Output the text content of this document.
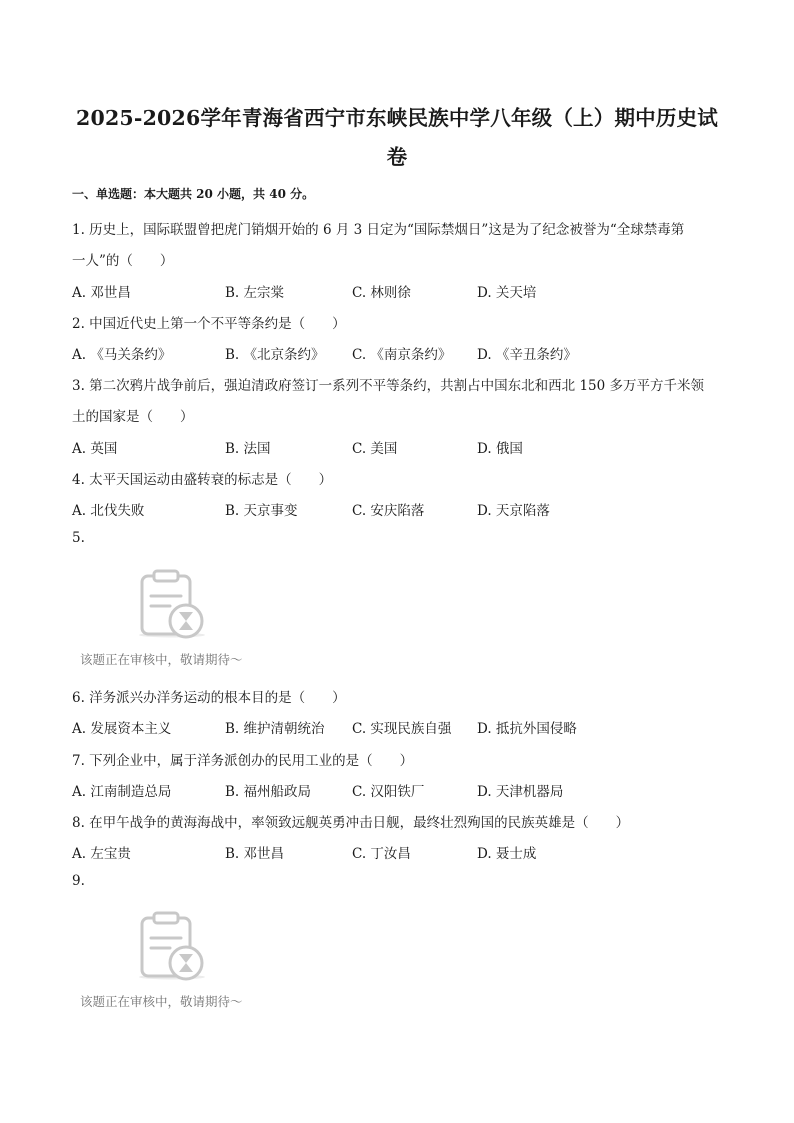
2025-2026学年青海省西宁市东峡民族中学八年级（上）期中历史试
卷
一、单选题：本大题共 20 小题，共 40 分。
1. 历史上，国际联盟曾把虎门销烟开始的 6 月 3 日定为“国际禁烟日”这是为了纪念被誉为“全球禁毒第
一人”的（　　）
A. 邓世昌	B. 左宗棠	C. 林则徐	D. 关天培
2. 中国近代史上第一个不平等条约是（　　）
A. 《马关条约》	B. 《北京条约》 C. 《南京条约》 D. 《辛丑条约》
3. 第二次鸦片战争前后，强迫清政府签订一系列不平等条约，共割占中国东北和西北 150 多万平方千米领
土的国家是（　　）
A. 英国	B. 法国	C. 美国	D. 俄国
4. 太平天国运动由盛转衰的标志是（　　）
A. 北伐失败	B. 天京事变	C. 安庆陷落	D. 天京陷落
5.
该题正在审核中，敬请期待～
6. 洋务派兴办洋务运动的根本目的是（　　）
A. 发展资本主义	B. 维护清朝统治 C. 实现民族自强 D. 抵抗外国侵略
7. 下列企业中，属于洋务派创办的民用工业的是（　　）
A. 江南制造总局	B. 福州船政局	C. 汉阳铁厂	D. 天津机器局
8. 在甲午战争的黄海海战中，率领致远舰英勇冲击日舰，最终壮烈殉国的民族英雄是（　　）
A. 左宝贵	B. 邓世昌	C. 丁汝昌	D. 聂士成
9.
该题正在审核中，敬请期待～
